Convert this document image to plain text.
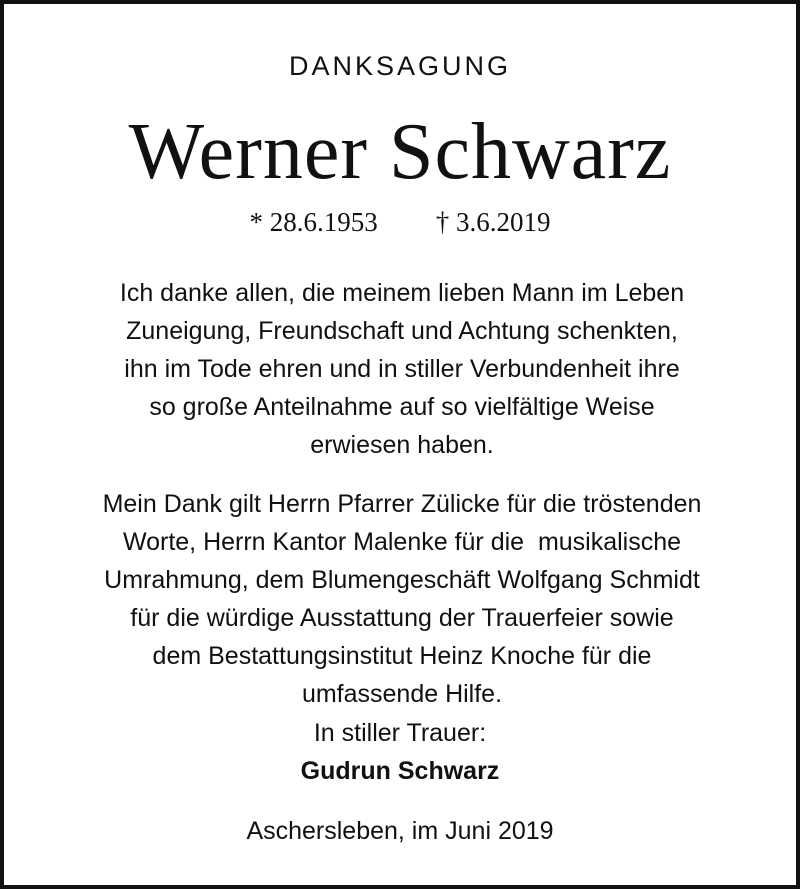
DANKSAGUNG
Werner Schwarz
* 28.6.1953 † 3.6.2019
Ich danke allen, die meinem lieben Mann im Leben
Zuneigung, Freundschaft und Achtung schenkten,
ihn im Tode ehren und in stiller Verbundenheit ihre
so große Anteilnahme auf so vielfältige Weise
erwiesen haben.
Mein Dank gilt Herrn Pfarrer Zülicke für die tröstenden
Worte, Herrn Kantor Malenke für die  musikalische
Umrahmung, dem Blumengeschäft Wolfgang Schmidt
für die würdige Ausstattung der Trauerfeier sowie
dem Bestattungsinstitut Heinz Knoche für die
umfassende Hilfe.
In stiller Trauer:
Gudrun Schwarz
Aschersleben, im Juni 2019
